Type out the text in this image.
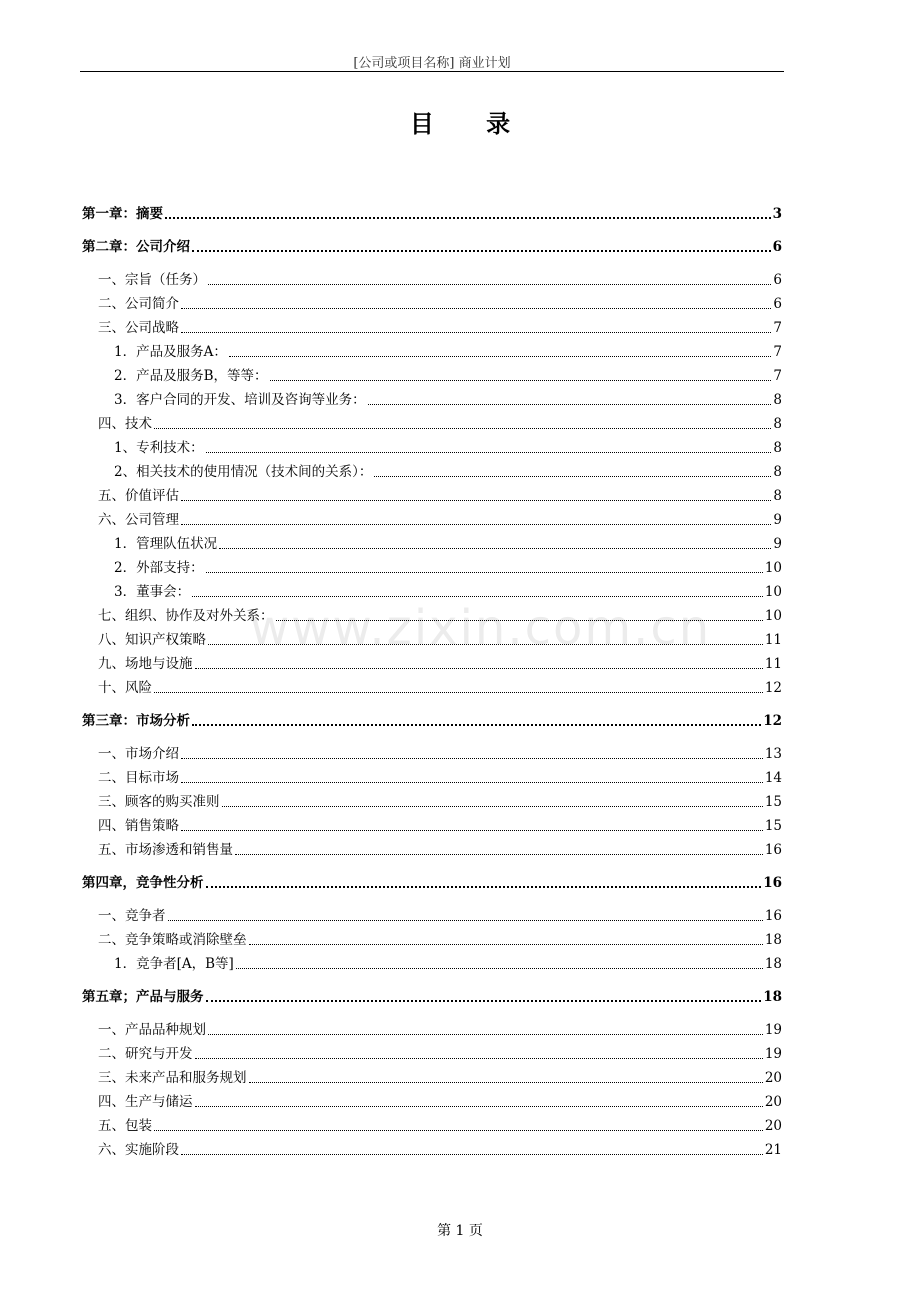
[公司或项目名称] 商业计划
目 录
www.zixin.com.cn
第一章：摘要	3
第二章：公司介绍	6
一、宗旨（任务）	6
二、公司简介	6
三、公司战略	7
1．产品及服务A：	7
2．产品及服务B，等等：	7
3．客户合同的开发、培训及咨询等业务：	8
四、技术	8
1、专利技术：	8
2、相关技术的使用情况（技术间的关系）：	8
五、价值评估	8
六、公司管理	9
1．管理队伍状况	9
2．外部支持：	10
3．董事会：	10
七、组织、协作及对外关系：	10
八、知识产权策略	11
九、场地与设施	11
十、风险	12
第三章：市场分析	12
一、市场介绍	13
二、目标市场	14
三、顾客的购买准则	15
四、销售策略	15
五、市场渗透和销售量	16
第四章，竞争性分析	16
一、竞争者	16
二、竞争策略或消除壁垒	18
1．竞争者[A，B等]	18
第五章；产品与服务	18
一、产品品种规划	19
二、研究与开发	19
三、未来产品和服务规划	20
四、生产与储运	20
五、包装	20
六、实施阶段	21
第 1 页
